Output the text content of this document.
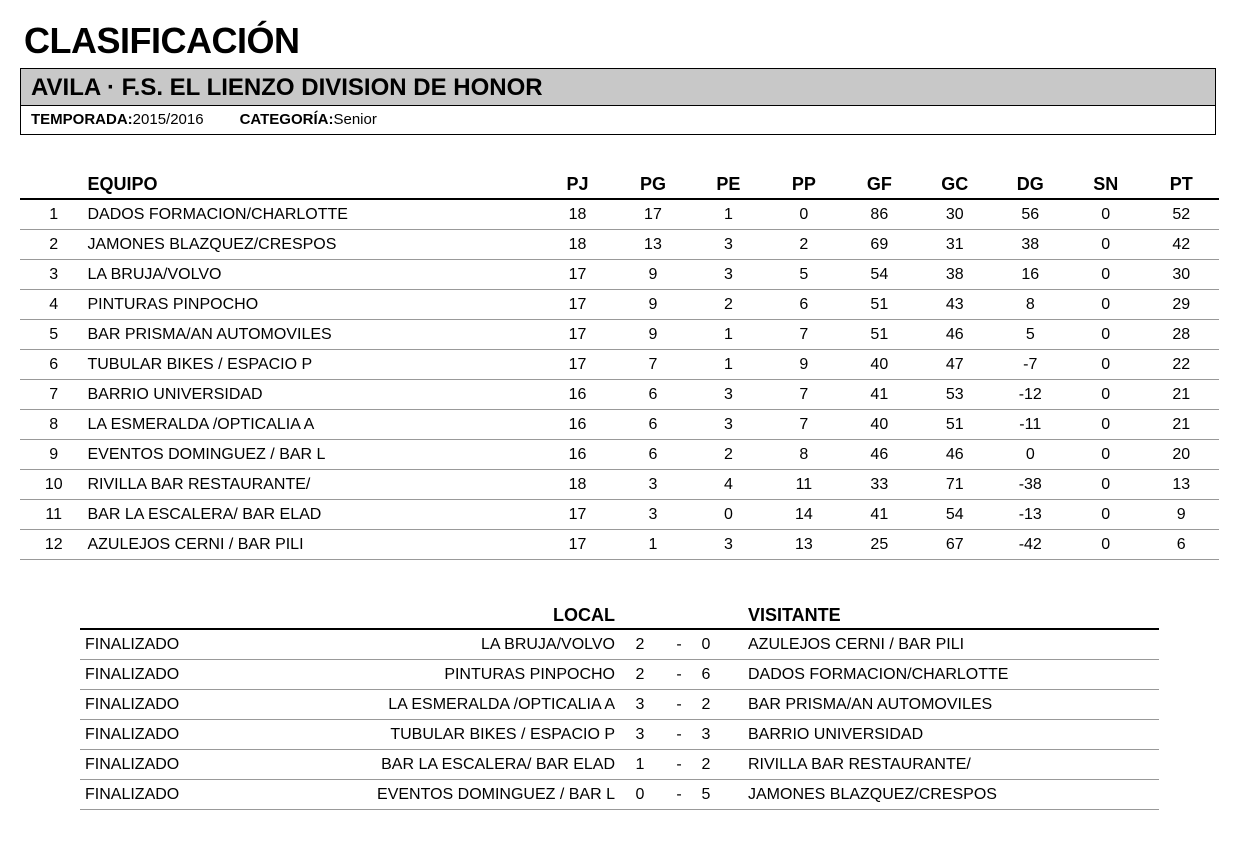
CLASIFICACIÓN
AVILA · F.S. EL LIENZO DIVISION DE HONOR
TEMPORADA:2015/2016 CATEGORÍA:Senior
	EQUIPO	PJ	PG	PE	PP	GF	GC	DG	SN	PT
1	DADOS FORMACION/CHARLOTTE	18	17	1	0	86	30	56	0	52
2	JAMONES BLAZQUEZ/CRESPOS	18	13	3	2	69	31	38	0	42
3	LA BRUJA/VOLVO	17	9	3	5	54	38	16	0	30
4	PINTURAS PINPOCHO	17	9	2	6	51	43	8	0	29
5	BAR PRISMA/AN AUTOMOVILES	17	9	1	7	51	46	5	0	28
6	TUBULAR BIKES / ESPACIO P	17	7	1	9	40	47	-7	0	22
7	BARRIO UNIVERSIDAD	16	6	3	7	41	53	-12	0	21
8	LA ESMERALDA /OPTICALIA A	16	6	3	7	40	51	-11	0	21
9	EVENTOS DOMINGUEZ / BAR L	16	6	2	8	46	46	0	0	20
10	RIVILLA BAR RESTAURANTE/	18	3	4	11	33	71	-38	0	13
11	BAR LA ESCALERA/ BAR ELAD	17	3	0	14	41	54	-13	0	9
12	AZULEJOS CERNI / BAR PILI	17	1	3	13	25	67	-42	0	6
	LOCAL					VISITANTE
FINALIZADO	LA BRUJA/VOLVO	2	-	0		AZULEJOS CERNI / BAR PILI
FINALIZADO	PINTURAS PINPOCHO	2	-	6		DADOS FORMACION/CHARLOTTE
FINALIZADO	LA ESMERALDA /OPTICALIA A	3	-	2		BAR PRISMA/AN AUTOMOVILES
FINALIZADO	TUBULAR BIKES / ESPACIO P	3	-	3		BARRIO UNIVERSIDAD
FINALIZADO	BAR LA ESCALERA/ BAR ELAD	1	-	2		RIVILLA BAR RESTAURANTE/
FINALIZADO	EVENTOS DOMINGUEZ / BAR L	0	-	5		JAMONES BLAZQUEZ/CRESPOS
